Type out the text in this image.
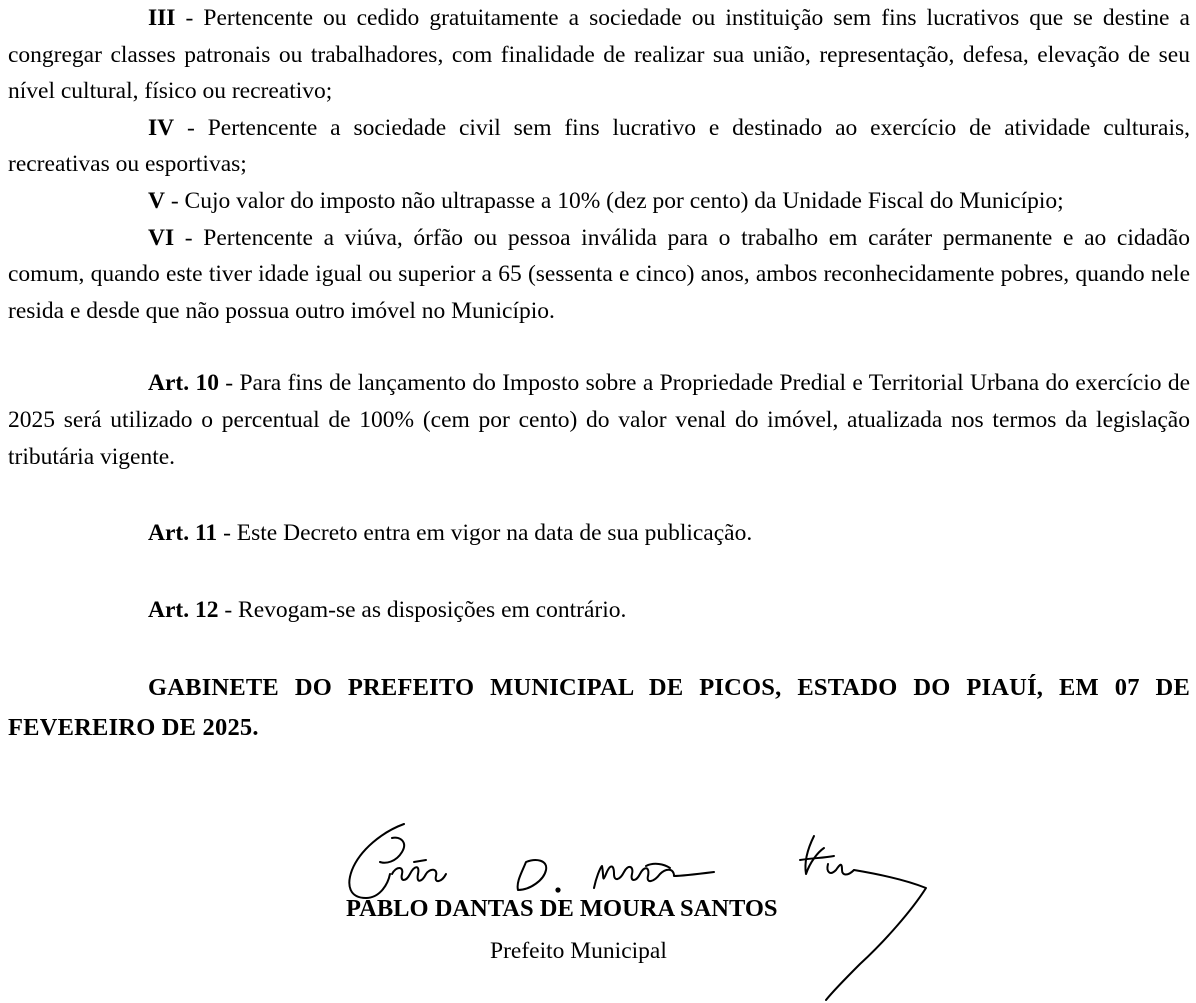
III - Pertencente ou cedido gratuitamente a sociedade ou instituição sem fins lucrativos que se destine a congregar classes patronais ou trabalhadores, com finalidade de realizar sua união, representação, defesa, elevação de seu nível cultural, físico ou recreativo;

IV - Pertencente a sociedade civil sem fins lucrativo e destinado ao exercício de atividade culturais, recreativas ou esportivas;

V - Cujo valor do imposto não ultrapasse a 10% (dez por cento) da Unidade Fiscal do Município;

VI - Pertencente a viúva, órfão ou pessoa inválida para o trabalho em caráter permanente e ao cidadão comum, quando este tiver idade igual ou superior a 65 (sessenta e cinco) anos, ambos reconhecidamente pobres, quando nele resida e desde que não possua outro imóvel no Município.

Art. 10 - Para fins de lançamento do Imposto sobre a Propriedade Predial e Territorial Urbana do exercício de 2025 será utilizado o percentual de 100% (cem por cento) do valor venal do imóvel, atualizada nos termos da legislação tributária vigente.

Art. 11 - Este Decreto entra em vigor na data de sua publicação.

Art. 12 - Revogam-se as disposições em contrário.

GABINETE DO PREFEITO MUNICIPAL DE PICOS, ESTADO DO PIAUÍ, EM 07 DE FEVEREIRO DE 2025.

PABLO DANTAS DE MOURA SANTOS
Prefeito Municipal
